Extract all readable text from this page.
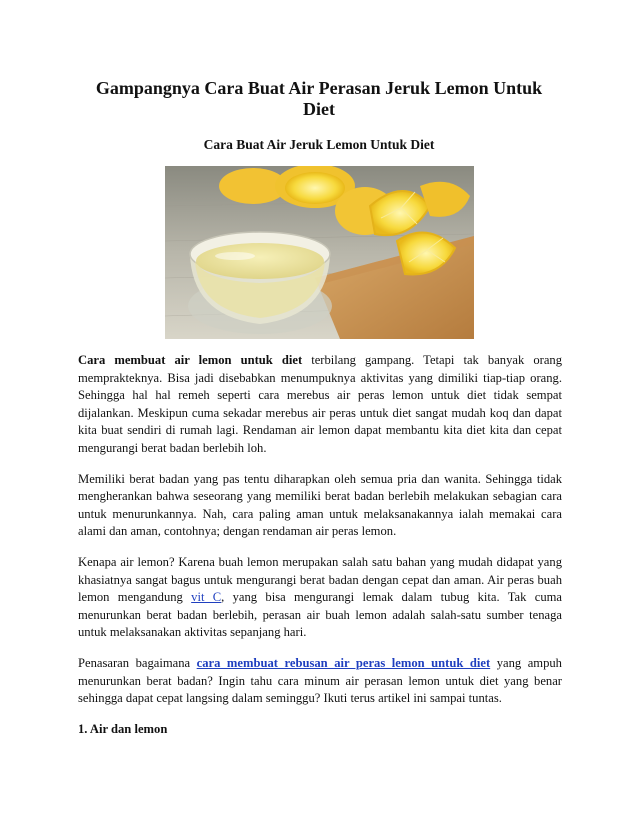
Gampangnya Cara Buat Air Perasan Jeruk Lemon Untuk Diet
Cara Buat Air Jeruk Lemon Untuk Diet

Cara membuat air lemon untuk diet terbilang gampang. Tetapi tak banyak orang memprakteknya. Bisa jadi disebabkan menumpuknya aktivitas yang dimiliki tiap-tiap orang. Sehingga hal hal remeh seperti cara merebus air peras lemon untuk diet tidak sempat dijalankan. Meskipun cuma sekadar merebus air peras untuk diet sangat mudah koq dan dapat kita buat sendiri di rumah lagi. Rendaman air lemon dapat membantu kita diet kita dan cepat mengurangi berat badan berlebih loh.

Memiliki berat badan yang pas tentu diharapkan oleh semua pria dan wanita. Sehingga tidak mengherankan bahwa seseorang yang memiliki berat badan berlebih melakukan sebagian cara untuk menurunkannya. Nah, cara paling aman untuk melaksanakannya ialah memakai cara alami dan aman, contohnya; dengan rendaman air peras lemon.

Kenapa air lemon? Karena buah lemon merupakan salah satu bahan yang mudah didapat yang khasiatnya sangat bagus untuk mengurangi berat badan dengan cepat dan aman. Air peras buah lemon mengandung vit C, yang bisa mengurangi lemak dalam tubug kita. Tak cuma menurunkan berat badan berlebih, perasan air buah lemon adalah salah-satu sumber tenaga untuk melaksanakan aktivitas sepanjang hari.

Penasaran bagaimana cara membuat rebusan air peras lemon untuk diet yang ampuh menurunkan berat badan? Ingin tahu cara minum air perasan lemon untuk diet yang benar sehingga dapat cepat langsing dalam seminggu? Ikuti terus artikel ini sampai tuntas.

1. Air dan lemon
